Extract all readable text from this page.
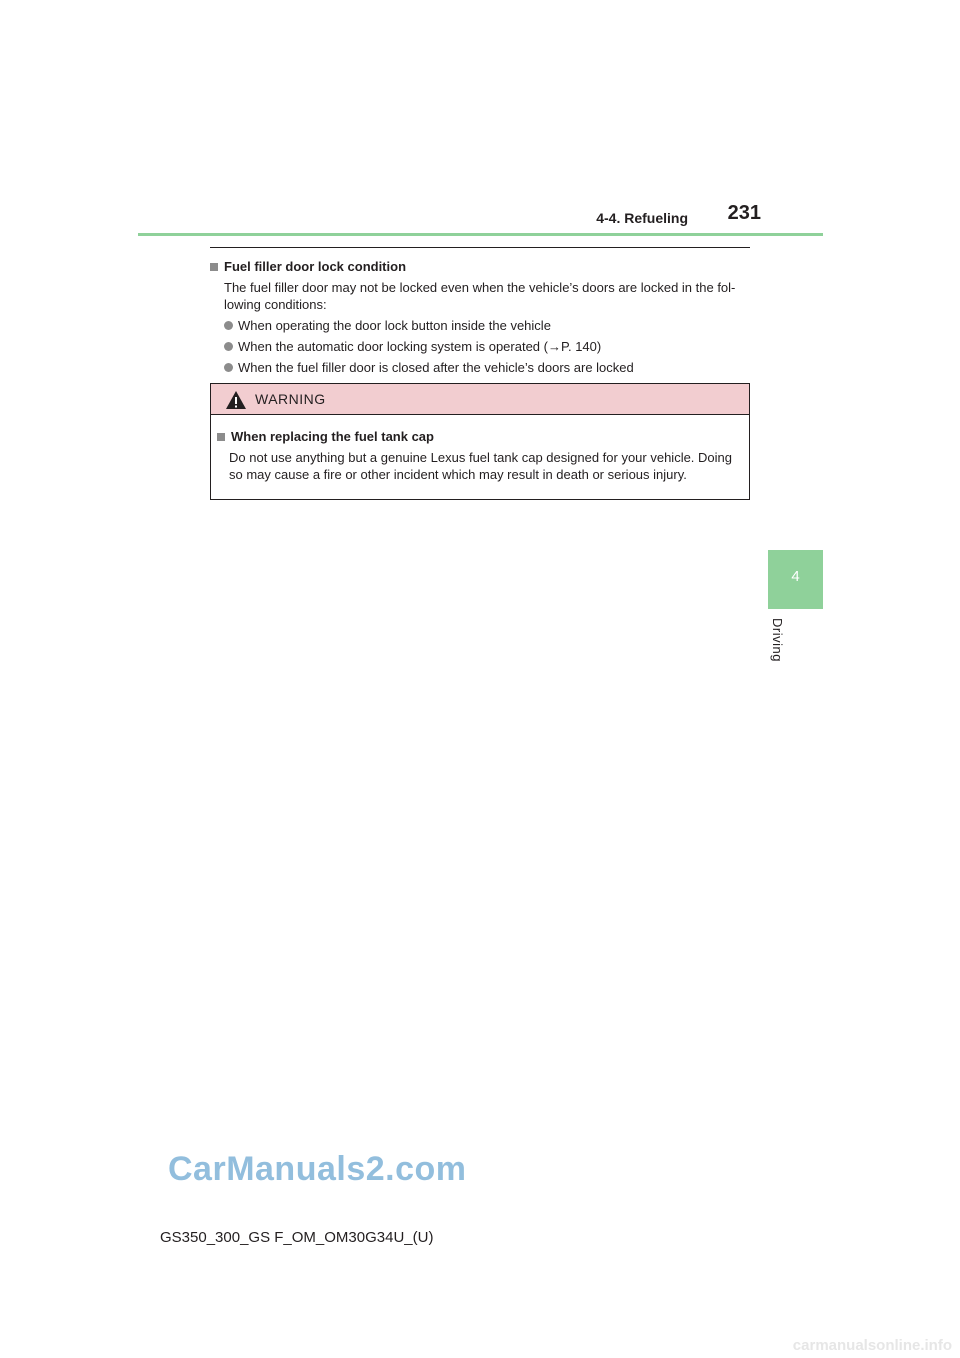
4-4. Refueling 231
4
Driving
Fuel filler door lock condition

The fuel filler door may not be locked even when the vehicle’s doors are locked in the fol-lowing conditions:

When operating the door lock button inside the vehicle
When the automatic door locking system is operated (→P. 140)
When the fuel filler door is closed after the vehicle’s doors are locked
WARNING
When replacing the fuel tank cap

Do not use anything but a genuine Lexus fuel tank cap designed for your vehicle. Doing so may cause a fire or other incident which may result in death or serious injury.

CarManuals2.com
GS350_300_GS F_OM_OM30G34U_(U)
carmanualsonline.info
